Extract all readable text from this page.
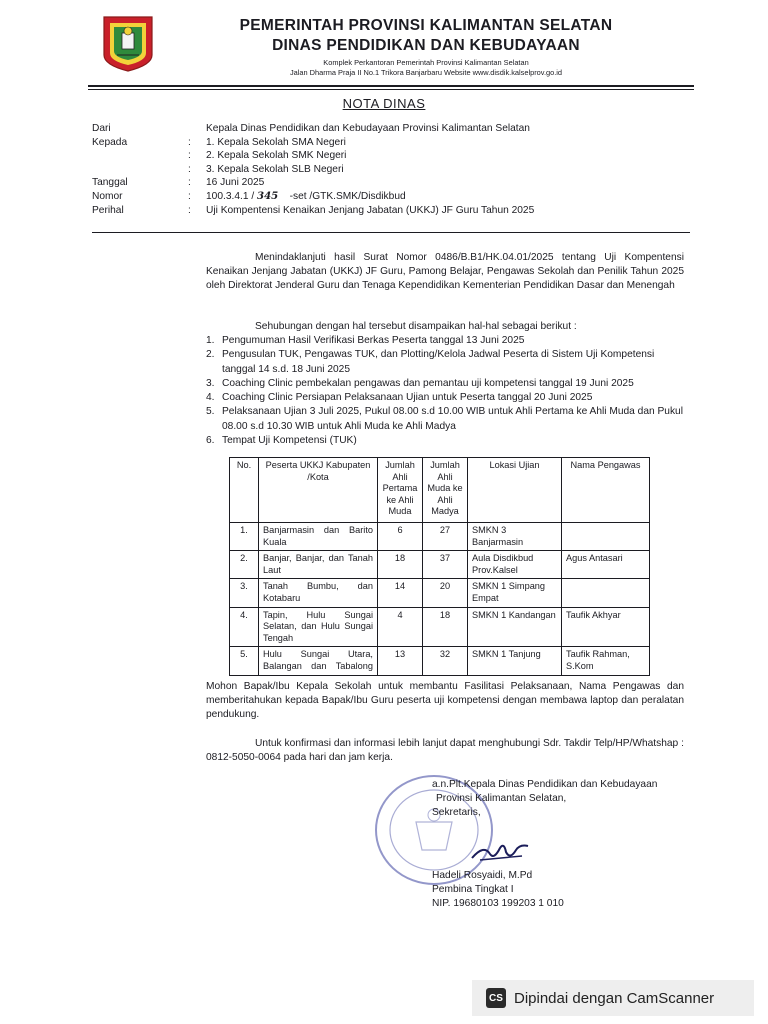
PEMERINTAH PROVINSI KALIMANTAN SELATAN
DINAS PENDIDIKAN DAN KEBUDAYAAN
Komplek Perkantoran Pemerintah Provinsi Kalimantan Selatan
Jalan Dharma Praja II No.1 Trikora Banjarbaru Website www.disdik.kalselprov.go.id
NOTA DINAS
Dari	Kepala Dinas Pendidikan dan Kebudayaan Provinsi Kalimantan Selatan
Kepada	: 1. Kepala Sekolah SMA Negeri
: 2. Kepala Sekolah SMK Negeri
: 3. Kepala Sekolah SLB Negeri
Tanggal	: 16 Juni 2025
Nomor	: 100.3.4.1 / 345 -set /GTK.SMK/Disdikbud
Perihal	: Uji Kompentensi Kenaikan Jenjang Jabatan (UKKJ) JF Guru Tahun 2025
Menindaklanjuti hasil Surat Nomor 0486/B.B1/HK.04.01/2025 tentang Uji Kompentensi Kenaikan Jenjang Jabatan (UKKJ) JF Guru, Pamong Belajar, Pengawas Sekolah dan Penilik Tahun 2025 oleh Direktorat Jenderal Guru dan Tenaga Kependidikan Kementerian Pendidikan Dasar dan Menengah
Sehubungan dengan hal tersebut disampaikan hal-hal sebagai berikut :
1. Pengumuman Hasil Verifikasi Berkas Peserta tanggal 13 Juni 2025
2. Pengusulan TUK, Pengawas TUK, dan Plotting/Kelola Jadwal Peserta di Sistem Uji Kompetensi tanggal 14 s.d. 18 Juni 2025
3. Coaching Clinic pembekalan pengawas dan pemantau uji kompetensi tanggal 19 Juni 2025
4. Coaching Clinic Persiapan Pelaksanaan Ujian untuk Peserta tanggal 20 Juni 2025
5. Pelaksanaan Ujian 3 Juli 2025, Pukul 08.00 s.d 10.00 WIB untuk Ahli Pertama ke Ahli Muda dan Pukul 08.00 s.d 10.30 WIB untuk Ahli Muda ke Ahli Madya
6. Tempat Uji Kompetensi (TUK)
No.	Peserta UKKJ Kabupaten /Kota	Jumlah Ahli Pertama ke Ahli Muda	Jumlah Ahli Muda ke Ahli Madya	Lokasi Ujian	Nama Pengawas
1.	Banjarmasin dan Barito Kuala	6	27	SMKN 3 Banjarmasin	
2.	Banjar, Banjar, dan Tanah Laut	18	37	Aula Disdikbud Prov.Kalsel	Agus Antasari
3.	Tanah Bumbu, dan Kotabaru	14	20	SMKN 1 Simpang Empat	
4.	Tapin, Hulu Sungai Selatan, dan Hulu Sungai Tengah	4	18	SMKN 1 Kandangan	Taufik Akhyar
5.	Hulu Sungai Utara, Balangan dan Tabalong	13	32	SMKN 1 Tanjung	Taufik Rahman, S.Kom
Mohon Bapak/Ibu Kepala Sekolah untuk membantu Fasilitasi Pelaksanaan, Nama Pengawas dan memberitahukan kepada Bapak/Ibu Guru peserta uji kompetensi dengan membawa laptop dan peralatan pendukung.
Untuk konfirmasi dan informasi lebih lanjut dapat menghubungi Sdr. Takdir Telp/HP/Whatshap : 0812-5050-0064 pada hari dan jam kerja.
a.n.Plt.Kepala Dinas Pendidikan dan Kebudayaan
Provinsi Kalimantan Selatan,
Sekretaris,
Hadeli Rosyaidi, M.Pd
Pembina Tingkat I
NIP. 19680103 199203 1 010
CS Dipindai dengan CamScanner
